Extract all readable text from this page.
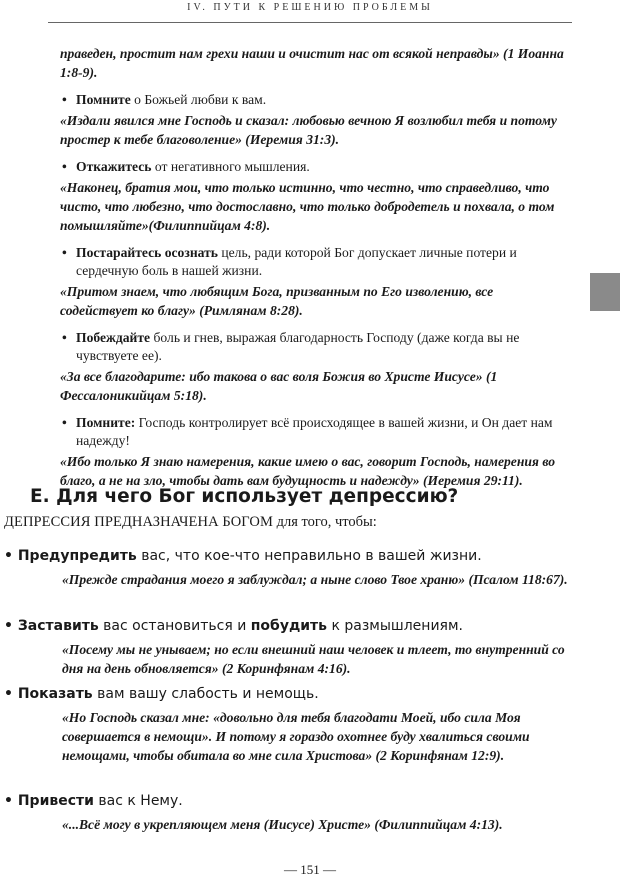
IV. ПУТИ К РЕШЕНИЮ ПРОБЛЕМЫ
праведен, простит нам грехи наши и очистит нас от всякой неправды» (1 Иоанна 1:8-9).
• Помните о Божьей любви к вам.
«Издали явился мне Господь и сказал: любовью вечною Я возлюбил тебя и потому простер к тебе благоволение» (Иеремия 31:3).
• Откажитесь от негативного мышления.
«Наконец, братия мои, что только истинно, что честно, что справедливо, что чисто, что любезно, что достославно, что только добродетель и похвала, о том помышляйте»(Филиппийцам 4:8).
• Постарайтесь осознать цель, ради которой Бог допускает личные потери и сердечную боль в нашей жизни.
«Притом знаем, что любящим Бога, призванным по Его изволению, все содействует ко благу» (Римлянам 8:28).
• Побеждайте боль и гнев, выражая благодарность Господу (даже когда вы не чувствуете ее).
«За все благодарите: ибо такова о вас воля Божия во Христе Иисусе» (1 Фессалоникийцам 5:18).
• Помните: Господь контролирует всё происходящее в вашей жизни, и Он дает нам надежду!
«Ибо только Я знаю намерения, какие имею о вас, говорит Господь, намерения во благо, а не на зло, чтобы дать вам будущность и надежду» (Иеремия 29:11).
Е. Для чего Бог использует депрессию?
ДЕПРЕССИЯ ПРЕДНАЗНАЧЕНА БОГОМ для того, чтобы:
• Предупредить вас, что кое-что неправильно в вашей жизни.
«Прежде страдания моего я заблуждал; а ныне слово Твое храню» (Псалом 118:67).
• Заставить вас остановиться и побудить к размышлениям.
«Посему мы не унываем; но если внешний наш человек и тлеет, то внутренний со дня на день обновляется» (2 Коринфянам 4:16).
• Показать вам вашу слабость и немощь.
«Но Господь сказал мне: «довольно для тебя благодати Моей, ибо сила Моя совершается в немощи». И потому я гораздо охотнее буду хвалиться своими немощами, чтобы обитала во мне сила Христова» (2 Коринфянам 12:9).
• Привести вас к Нему.
«...Всё могу в укрепляющем меня (Иисусе) Христе» (Филиппийцам 4:13).
— 151 —
